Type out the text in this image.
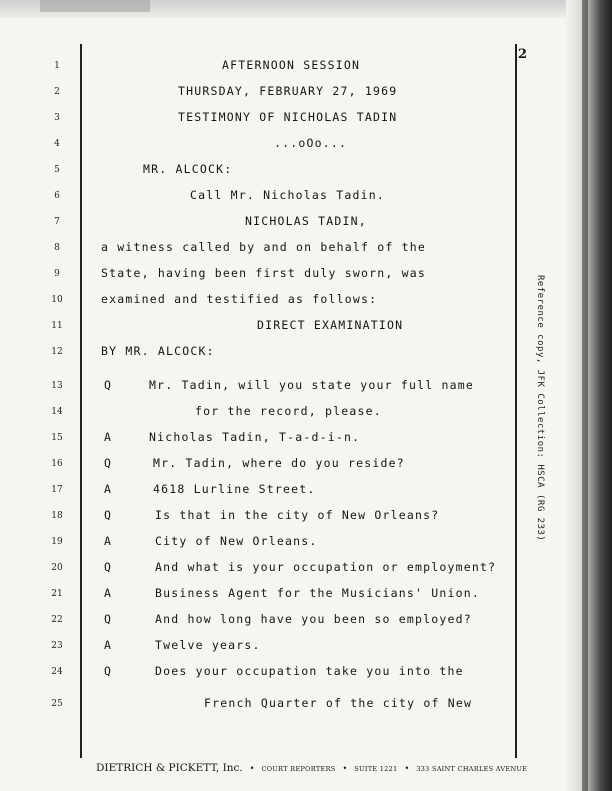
2
1	AFTERNOON SESSION
2	THURSDAY, FEBRUARY 27, 1969
3	TESTIMONY OF NICHOLAS TADIN
4	...oOo...
5	MR. ALCOCK:
6	Call Mr. Nicholas Tadin.
7	NICHOLAS TADIN,
8	a witness called by and on behalf of the
9	State, having been first duly sworn, was
10	examined and testified as follows:
11	DIRECT EXAMINATION
12	BY MR. ALCOCK:
13	Q	Mr. Tadin, will you state your full name
14	for the record, please.
15	A	Nicholas Tadin, T-a-d-i-n.
16	Q	Mr. Tadin, where do you reside?
17	A	4618 Lurline Street.
18	Q	Is that in the city of New Orleans?
19	A	City of New Orleans.
20	Q	And what is your occupation or employment?
21	A	Business Agent for the Musicians' Union.
22	Q	And how long have you been so employed?
23	A	Twelve years.
24	Q	Does your occupation take you into the
25	French Quarter of the city of New
Reference copy, JFK Collection: HSCA (RG 233)
DIETRICH & PICKETT, Inc. • COURT REPORTERS • SUITE 1221 • 333 SAINT CHARLES AVENUE
